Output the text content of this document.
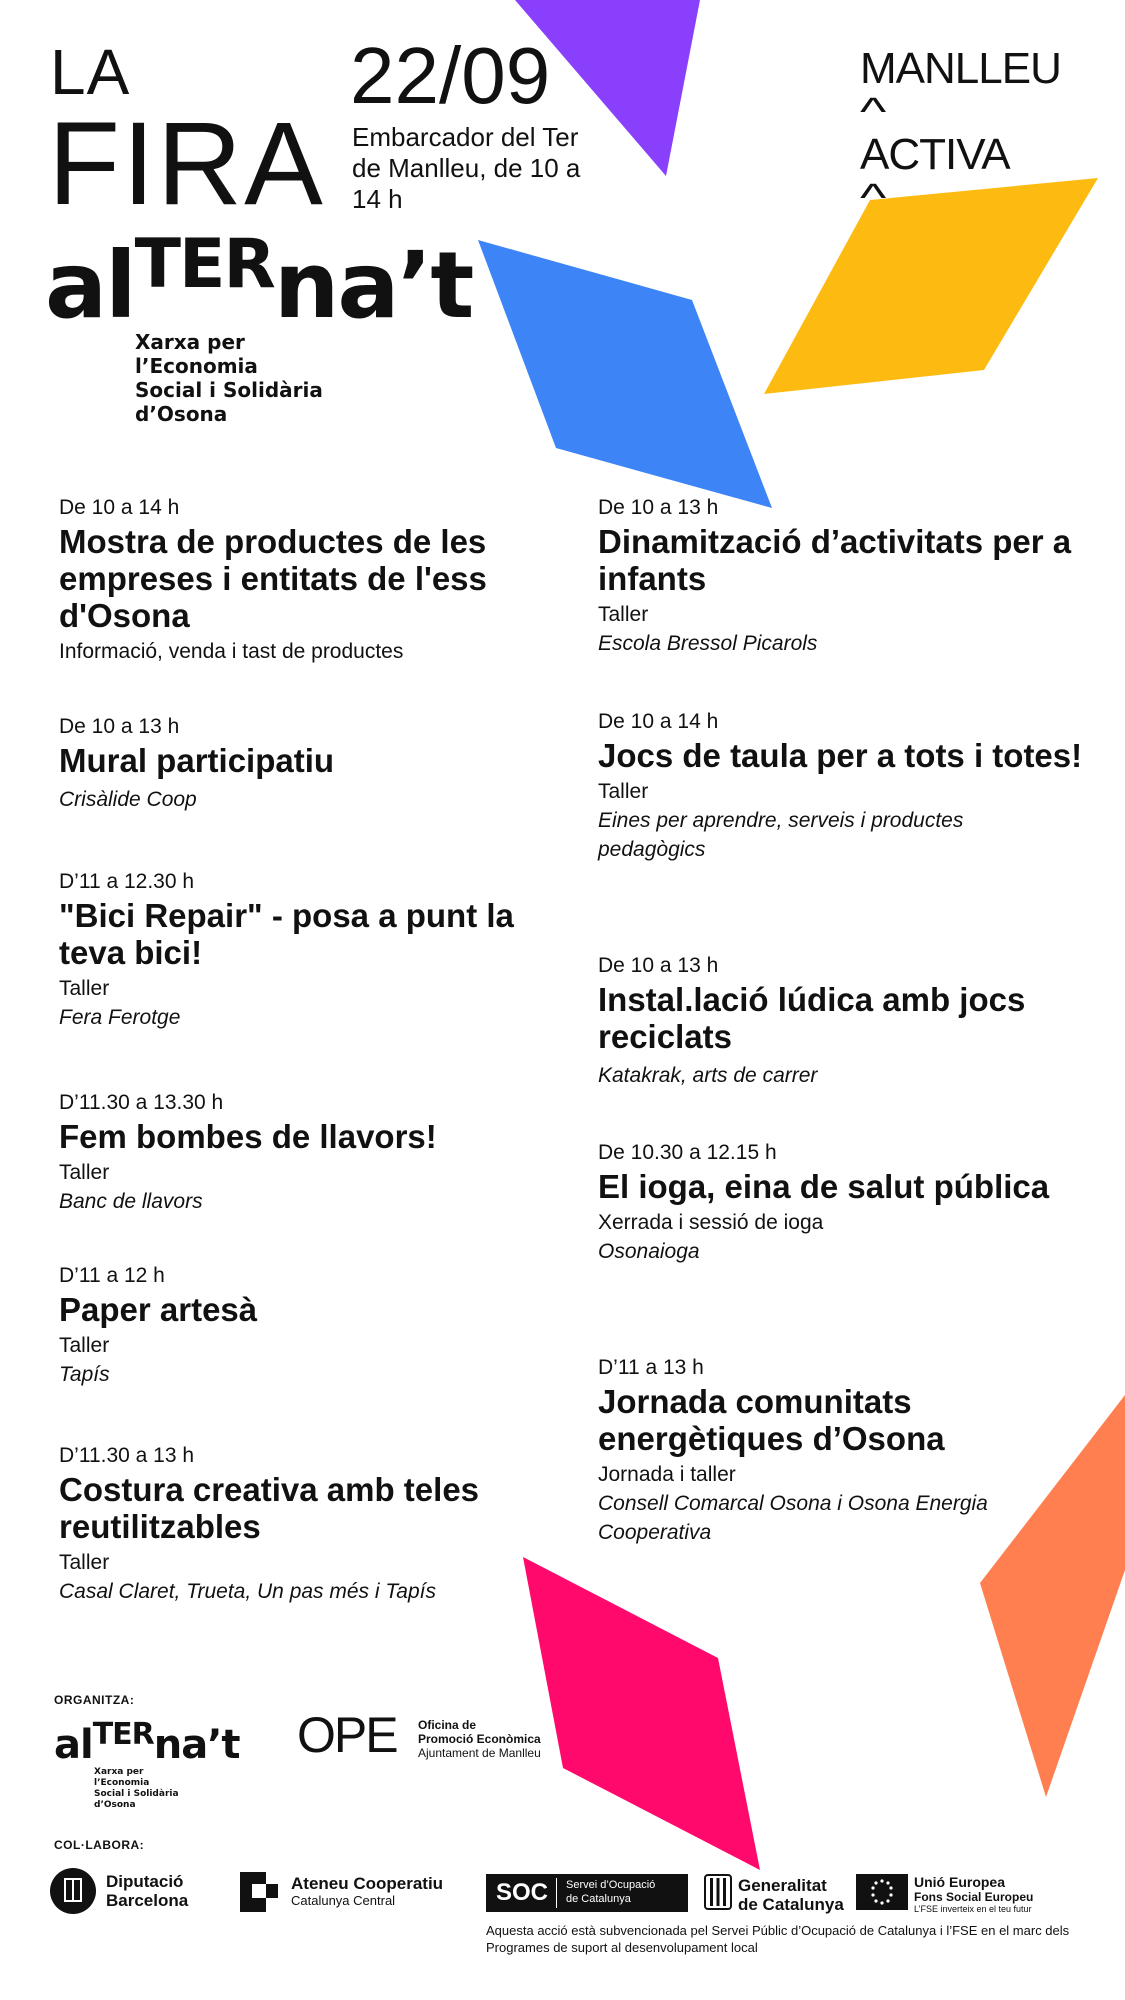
LA
FIRA
22/09
Embarcador del Ter de Manlleu, de 10 a 14 h
MANLLEU
^
ACTIVA
^
alTERna’t
Xarxa per
l’Economia
Social i Solidària
d’Osona
De 10 a 14 h
Mostra de productes de les empreses i entitats de l'ess d'Osona
Informació, venda i tast de productes
De 10 a 13 h
Mural participatiu
Crisàlide Coop
D’11 a 12.30 h
"Bici Repair" - posa a punt la teva bici!
Taller
Fera Ferotge
D’11.30 a 13.30 h
Fem bombes de llavors!
Taller
Banc de llavors
D’11 a 12 h
Paper artesà
Taller
Tapís
D’11.30 a 13 h
Costura creativa amb teles reutilitzables
Taller
Casal Claret, Trueta, Un pas més i Tapís
De 10 a 13 h
Dinamització d’activitats per a infants
Taller
Escola Bressol Picarols
De 10 a 14 h
Jocs de taula per a tots i totes!
Taller
Eines per aprendre, serveis i productes pedagògics
De 10 a 13 h
Instal.lació lúdica amb jocs reciclats
Katakrak, arts de carrer
De 10.30 a 12.15 h
El ioga, eina de salut pública
Xerrada i sessió de ioga
Osonaioga
D’11 a 13 h
Jornada comunitats energètiques d’Osona
Jornada i taller
Consell Comarcal Osona i Osona Energia Cooperativa
ORGANITZA:
alTERna’t
Xarxa per
l’Economia
Social i Solidària
d’Osona
OPE Oficina de
Promoció Econòmica
Ajuntament de Manlleu
COL·LABORA:
Diputació
Barcelona
Ateneu Cooperatiu
Catalunya Central	SOC Servei d’Ocupació
de Catalunya
Generalitat
de Catalunya
Unió Europea
Fons Social Europeu
L’FSE inverteix en el teu futur
Aquesta acció està subvencionada pel Servei Públic d’Ocupació de Catalunya i l’FSE en el marc dels Programes de suport al desenvolupament local
